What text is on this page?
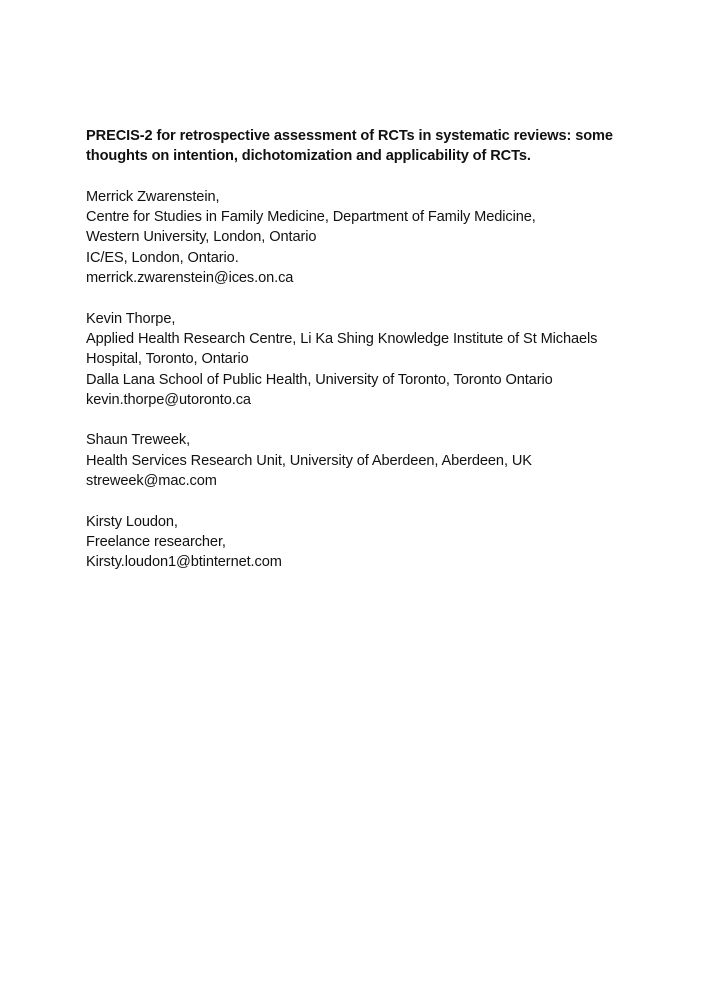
PRECIS-2 for retrospective assessment of RCTs in systematic reviews: some
thoughts on intention, dichotomization and applicability of RCTs.
Merrick Zwarenstein,
Centre for Studies in Family Medicine, Department of Family Medicine,
Western University, London, Ontario
IC/ES, London, Ontario.
merrick.zwarenstein@ices.on.ca
Kevin Thorpe,
Applied Health Research Centre, Li Ka Shing Knowledge Institute of St Michaels
Hospital, Toronto, Ontario
Dalla Lana School of Public Health, University of Toronto, Toronto Ontario
kevin.thorpe@utoronto.ca
Shaun Treweek,
Health Services Research Unit, University of Aberdeen, Aberdeen, UK
streweek@mac.com
Kirsty Loudon,
Freelance researcher,
Kirsty.loudon1@btinternet.com
